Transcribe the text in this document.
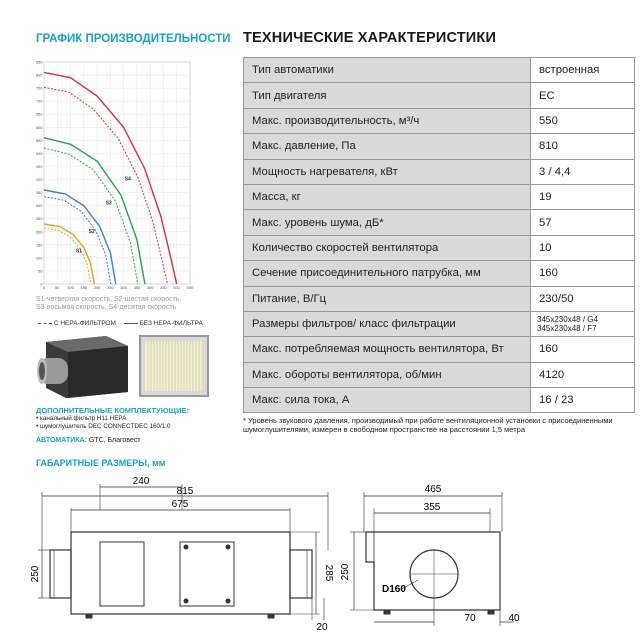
ГРАФИК ПРОИЗВОДИТЕЛЬНОСТИ ТЕХНИЧЕСКИЕ ХАРАКТЕРИСТИКИ
0
50
100
150
200
250
300
350
400
450
500
550
600
650
700
750
800
850
0 50 100 150 200 250 300 350 400 450 500 550
S1
S2
S3
S4
S1-четвертая скорость, S2-шестая скорость,
S3-восьмая скорость, S4-десятая скорость
С НЕРА-ФИЛЬТРОМ	БЕЗ НЕРА-ФИЛЬТРА
ДОПОЛНИТЕЛЬНЫЕ КОМПЛЕКТУЮЩИЕ:
• канальный фильтр H11 HEPA
• шумоглушитель DEC CONNECTDEC 160/1.0
АВТОМАТИКА: GTC, Благовест
Тип автоматики	встроенная
Тип двигателя	EC
Макс. производительность, м³/ч	550
Макс. давление, Па	810
Мощность нагревателя, кВт	3 / 4,4
Масса, кг	19
Макс. уровень шума, дБ*	57
Количество скоростей вентилятора	10
Сечение присоединительного патрубка, мм	160
Питание, В/Гц	230/50
Размеры фильтров/ класс фильтрации	345x230x48 / G4
345x230x48 / F7

Макс. потребляемая мощность вентилятора, Вт	160
Макс. обороты вентилятора, об/мин	4120
Макс. сила тока, А	16 / 23
* Уровень звукового давления, производимый при работе вентиляционной установки с присоединенными шумоглушителями, измерен в свободном пространстве на расстоянии 1,5 метра
ГАБАРИТНЫЕ РАЗМЕРЫ, мм
240
815
675
250	285
20
465
355
250
D160
70	40
